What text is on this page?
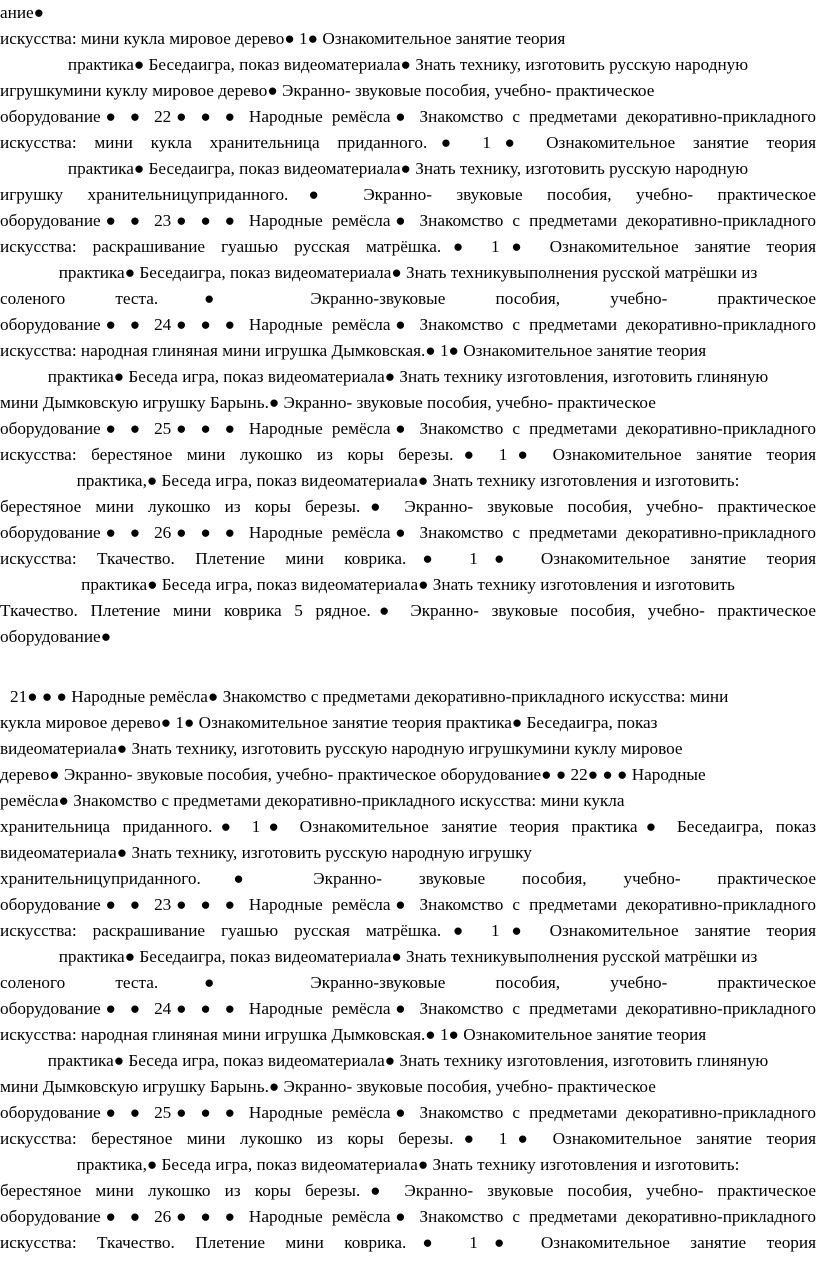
ание●
искусства: мини кукла мировое дерево● 1● Ознакомительное занятие теория
практика● Беседаигра, показ видеоматериала● Знать технику, изготовить русскую народную
игрушкумини куклу мировое дерево● Экранно- звуковые пособия, учебно- практическое
оборудование● ● 22● ● ● Народные ремёсла● Знакомство с предметами декоративно-прикладного
искусства: мини кукла хранительница приданного.● 1● Ознакомительное занятие теория
практика● Беседаигра, показ видеоматериала● Знать технику, изготовить русскую народную
игрушку хранительницуприданного.● Экранно- звуковые пособия, учебно- практическое
оборудование● ● 23● ● ● Народные ремёсла● Знакомство с предметами декоративно-прикладного
искусства: раскрашивание гуашью русская матрёшка.● 1● Ознакомительное занятие теория
практика● Беседаигра, показ видеоматериала● Знать техникувыполнения русской матрёшки из
соленого теста.● Экранно-звуковые пособия, учебно- практическое
оборудование● ● 24● ● ● Народные ремёсла● Знакомство с предметами декоративно-прикладного
искусства: народная глиняная мини игрушка Дымковская.● 1● Ознакомительное занятие теория
практика● Беседа игра, показ видеоматериала● Знать технику изготовления, изготовить глиняную
мини Дымковскую игрушку Барынь.● Экранно- звуковые пособия, учебно- практическое
оборудование● ● 25● ● ● Народные ремёсла● Знакомство с предметами декоративно-прикладного
искусства: берестяное мини лукошко из коры березы.● 1● Ознакомительное занятие теория
практика,● Беседа игра, показ видеоматериала● Знать технику изготовления и изготовить:
берестяное мини лукошко из коры березы.● Экранно- звуковые пособия, учебно- практическое
оборудование● ● 26● ● ● Народные ремёсла● Знакомство с предметами декоративно-прикладного
искусства: Ткачество. Плетение мини коврика.● 1● Ознакомительное занятие теория
практика● Беседа игра, показ видеоматериала● Знать технику изготовления и изготовить
Ткачество. Плетение мини коврика 5 рядное.● Экранно- звуковые пособия, учебно- практическое
оборудование●
21● ● ● Народные ремёсла● Знакомство с предметами декоративно-прикладного искусства: мини
кукла мировое дерево● 1● Ознакомительное занятие теория практика● Беседаигра, показ
видеоматериала● Знать технику, изготовить русскую народную игрушкумини куклу мировое
дерево● Экранно- звуковые пособия, учебно- практическое оборудование● ● 22● ● ● Народные
ремёсла● Знакомство с предметами декоративно-прикладного искусства: мини кукла
хранительница приданного.● 1● Ознакомительное занятие теория практика● Беседаигра, показ
видеоматериала● Знать технику, изготовить русскую народную игрушку
хранительницуприданного.● Экранно- звуковые пособия, учебно- практическое
оборудование● ● 23● ● ● Народные ремёсла● Знакомство с предметами декоративно-прикладного
искусства: раскрашивание гуашью русская матрёшка.● 1● Ознакомительное занятие теория
практика● Беседаигра, показ видеоматериала● Знать техникувыполнения русской матрёшки из
соленого теста.● Экранно-звуковые пособия, учебно- практическое
оборудование● ● 24● ● ● Народные ремёсла● Знакомство с предметами декоративно-прикладного
искусства: народная глиняная мини игрушка Дымковская.● 1● Ознакомительное занятие теория
практика● Беседа игра, показ видеоматериала● Знать технику изготовления, изготовить глиняную
мини Дымковскую игрушку Барынь.● Экранно- звуковые пособия, учебно- практическое
оборудование● ● 25● ● ● Народные ремёсла● Знакомство с предметами декоративно-прикладного
искусства: берестяное мини лукошко из коры березы.● 1● Ознакомительное занятие теория
практика,● Беседа игра, показ видеоматериала● Знать технику изготовления и изготовить:
берестяное мини лукошко из коры березы.● Экранно- звуковые пособия, учебно- практическое
оборудование● ● 26● ● ● Народные ремёсла● Знакомство с предметами декоративно-прикладного
искусства: Ткачество. Плетение мини коврика.● 1● Ознакомительное занятие теория
